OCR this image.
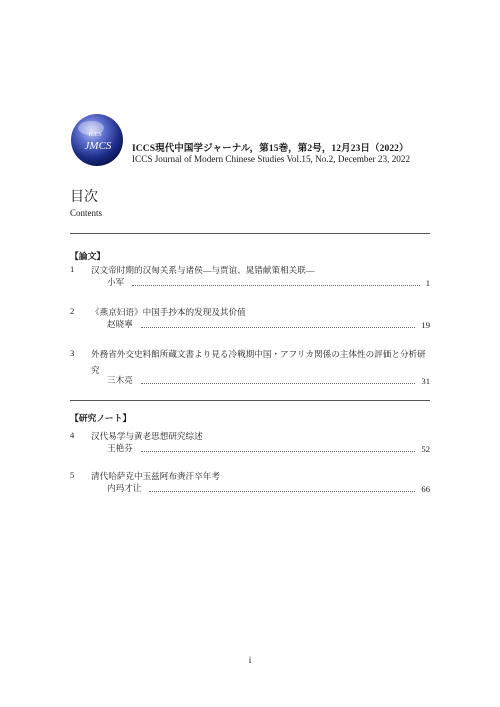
ICCS
JMCS ICCS現代中国学ジャーナル，第15巻，第2号，12月23日（2022）
ICCS Journal of Modern Chinese Studies Vol.15, No.2, December 23, 2022
目次
Contents
【論文】
1 汉文帝时期的汉匈关系与诸侯—与贾谊、晁错献策相关联—
小军	1
2 《燕京妇语》中国手抄本的发现及其价值
赵晓寧	19
3 外務省外交史料館所蔵文書より見る冷戦期中国・アフリカ関係の主体性の評価と分析研究
三木亮	31
【研究ノート】
4 汉代易学与黄老思想研究综述
王艳芬	52
5 清代哈萨克中玉兹阿布赉汗卒年考
内玛才让	66
i
